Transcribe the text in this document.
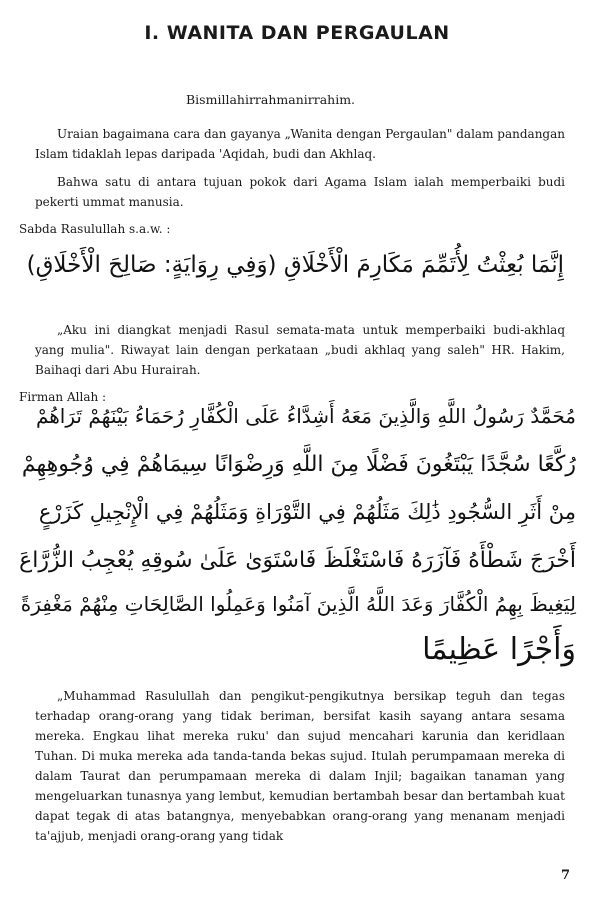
I. WANITA DAN PERGAULAN
Bismillahirrahmanirrahim.
Uraian bagaimana cara dan gayanya „Wanita dengan Pergaulan" dalam pandangan Islam tidaklah lepas daripada 'Aqidah, budi dan Akhlaq.
Bahwa satu di antara tujuan pokok dari Agama Islam ialah memperbaiki budi pekerti ummat manusia.
Sabda Rasulullah s.a.w. :
إِنَّمَا بُعِثْتُ لِأُتَمِّمَ مَكَارِمَ الْأَخْلَاقِ (وَفِي رِوَايَةٍ: صَالِحَ الْأَخْلَاقِ)
„Aku ini diangkat menjadi Rasul semata-mata untuk memperbaiki budi-akhlaq yang mulia". Riwayat lain dengan perkataan „budi akhlaq yang saleh" HR. Hakim, Baihaqi dari Abu Hurairah.
Firman Allah :
مُحَمَّدٌ رَسُولُ اللَّهِ وَالَّذِينَ مَعَهُ أَشِدَّاءُ عَلَى الْكُفَّارِ رُحَمَاءُ بَيْنَهُمْ تَرَاهُمْ
رُكَّعًا سُجَّدًا يَبْتَغُونَ فَضْلًا مِنَ اللَّهِ وَرِضْوَانًا سِيمَاهُمْ فِي وُجُوهِهِمْ
مِنْ أَثَرِ السُّجُودِ ذَٰلِكَ مَثَلُهُمْ فِي التَّوْرَاةِ وَمَثَلُهُمْ فِي الْإِنْجِيلِ كَزَرْعٍ
أَخْرَجَ شَطْأَهُ فَآزَرَهُ فَاسْتَغْلَظَ فَاسْتَوَىٰ عَلَىٰ سُوقِهِ يُعْجِبُ الزُّرَّاعَ
لِيَغِيظَ بِهِمُ الْكُفَّارَ وَعَدَ اللَّهُ الَّذِينَ آمَنُوا وَعَمِلُوا الصَّالِحَاتِ مِنْهُمْ مَغْفِرَةً
وَأَجْرًا عَظِيمًا
„Muhammad Rasulullah dan pengikut-pengikutnya bersikap teguh dan tegas terhadap orang-orang yang tidak beriman, bersifat kasih sayang antara sesama mereka. Engkau lihat mereka ruku' dan sujud mencahari karunia dan keridlaan Tuhan. Di muka mereka ada tanda-tanda bekas sujud. Itulah perumpamaan mereka di dalam Taurat dan perumpamaan mereka di dalam Injil; bagaikan tanaman yang mengeluarkan tunasnya yang lembut, kemudian bertambah besar dan bertambah kuat dapat tegak di atas batangnya, menyebabkan orang-orang yang menanam menjadi ta'ajjub, menjadi orang-orang yang tidak
7
